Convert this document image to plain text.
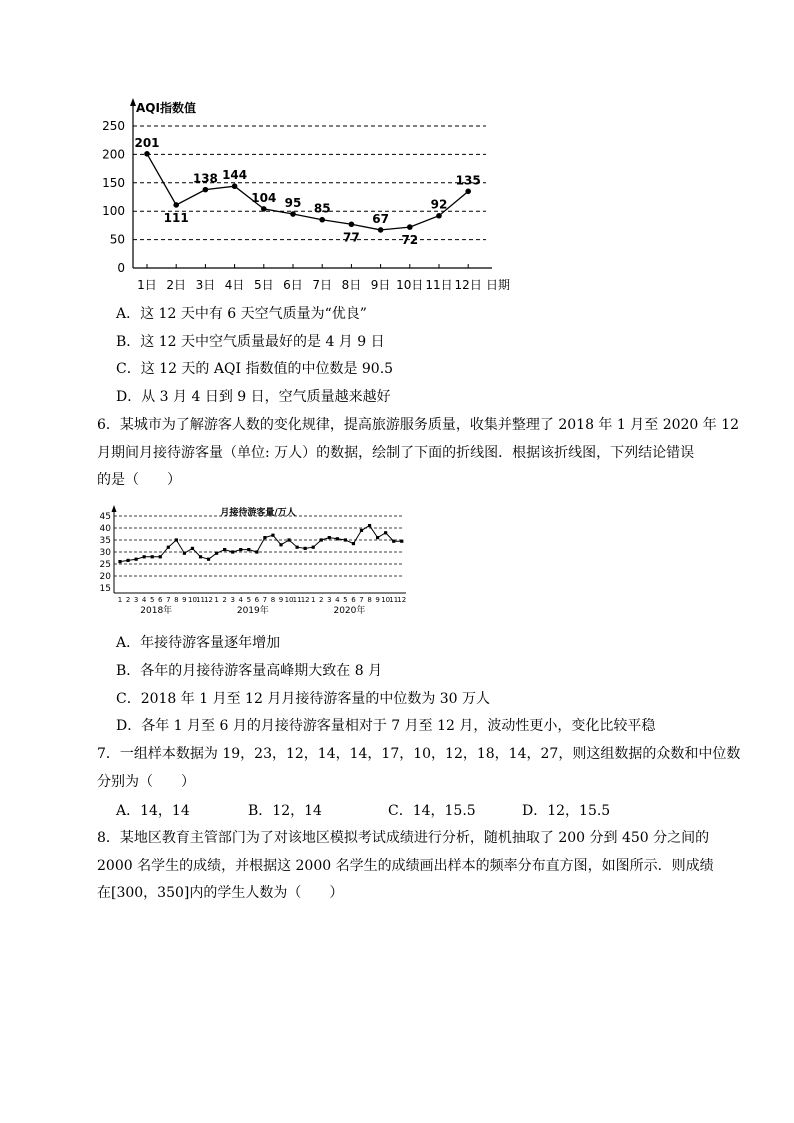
0
50
100
150
200
250
AQI指数值
日期
201
1日
111
2日
138
3日
144
4日
104
5日
95
6日
85
7日
77
8日
67
9日
72
10日
92
11日
135
12日
A．这 12 天中有 6 天空气质量为“优良”
B．这 12 天中空气质量最好的是 4 月 9 日
C．这 12 天的 AQI 指数值的中位数是 90.5
D．从 3 月 4 日到 9 日，空气质量越来越好
6．某城市为了解游客人数的变化规律，提高旅游服务质量，收集并整理了 2018 年 1 月至 2020 年 12
月期间月接待游客量（单位: 万人）的数据，绘制了下面的折线图．根据该折线图，下列结论错误
的是（　　）
月接待游客量/万人
15
20
25
30
35
40
45
1 2 3 4 5 6 7 8 9 10 11 12 1 2 3 4 5 6 7 8 9 10 11 12 1 2 3 4 5 6 7 8 9 10 11 12
2018年	2019年	2020年
A．年接待游客量逐年增加
B．各年的月接待游客量高峰期大致在 8 月
C．2018 年 1 月至 12 月月接待游客量的中位数为 30 万人
D．各年 1 月至 6 月的月接待游客量相对于 7 月至 12 月，波动性更小，变化比较平稳
7．一组样本数据为 19，23，12，14，14，17，10，12，18，14，27，则这组数据的众数和中位数
分别为（　　）
A．14，14	B．12，14	C．14，15.5	D．12，15.5
8．某地区教育主管部门为了对该地区模拟考试成绩进行分析，随机抽取了 200 分到 450 分之间的
2000 名学生的成绩，并根据这 2000 名学生的成绩画出样本的频率分布直方图，如图所示．则成绩
在[300，350]内的学生人数为（　　）
